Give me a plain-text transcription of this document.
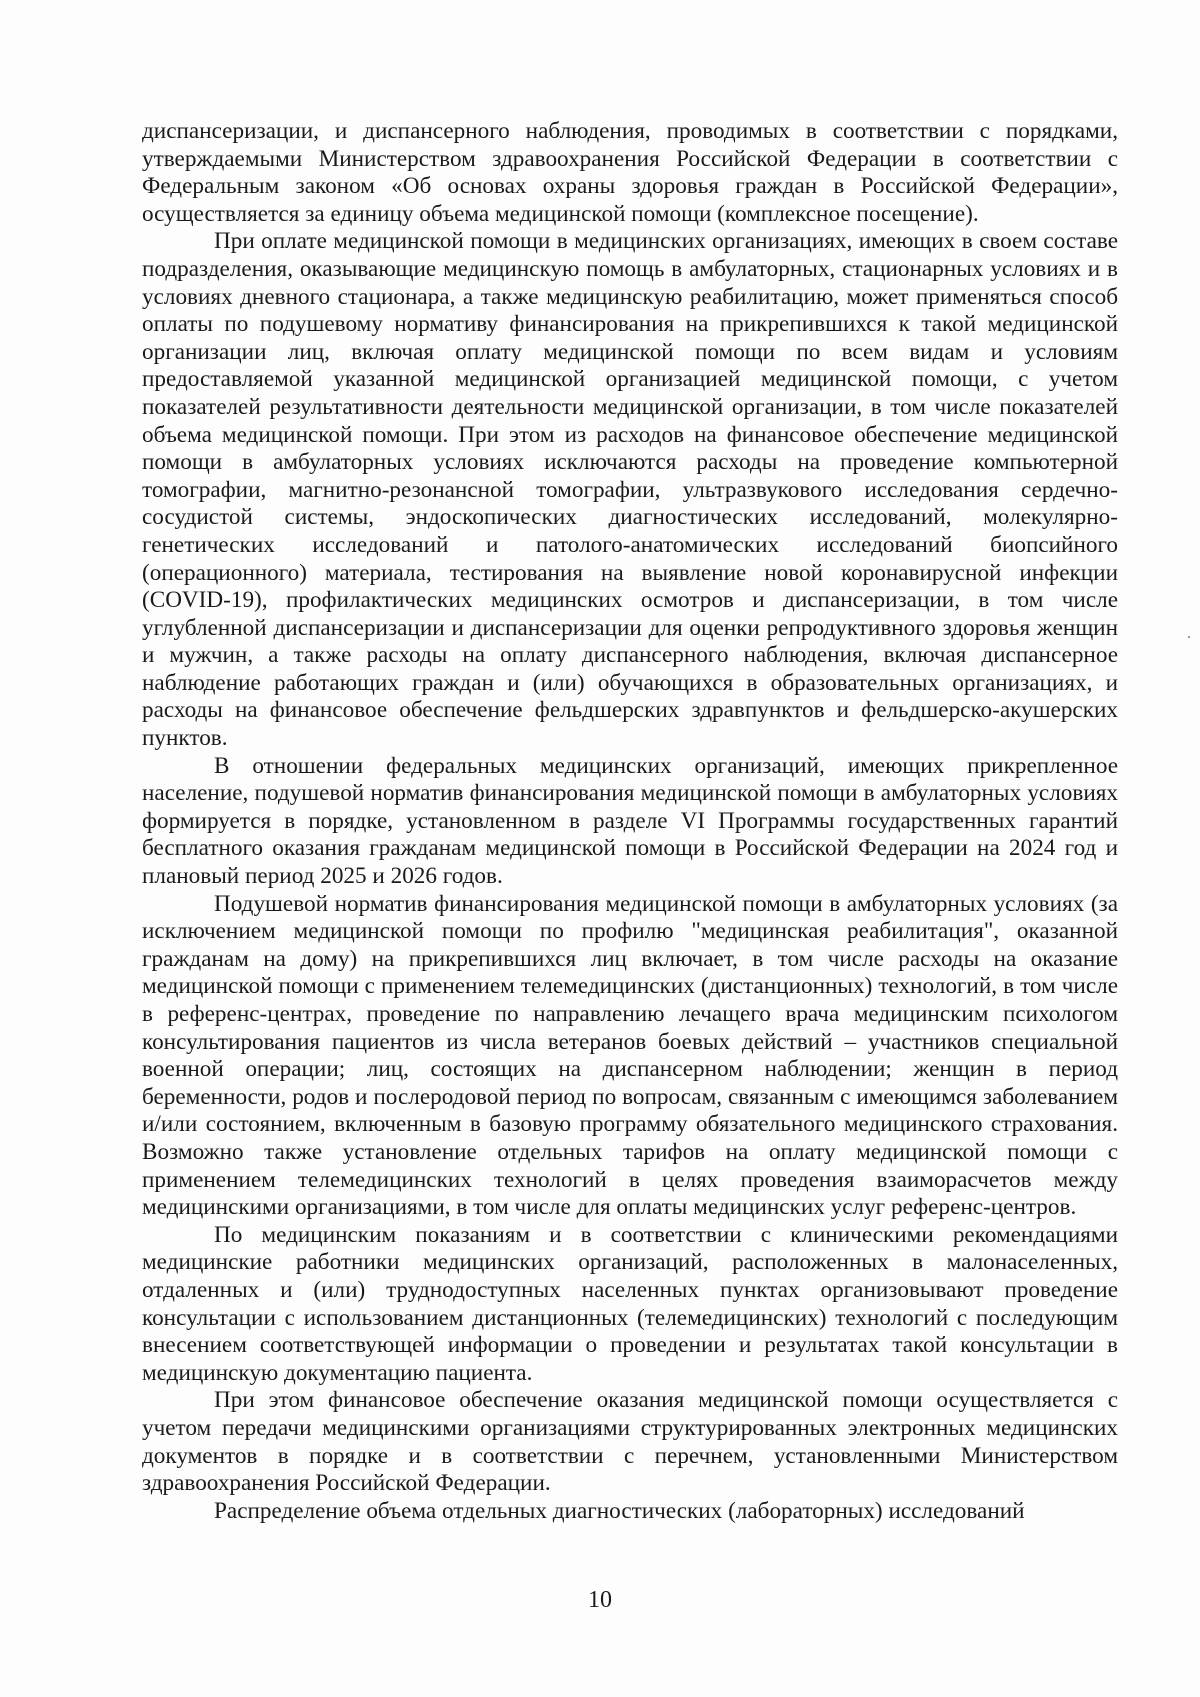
диспансеризации, и диспансерного наблюдения, проводимых в соответствии с порядками, утверждаемыми Министерством здравоохранения Российской Федерации в соответствии с Федеральным законом «Об основах охраны здоровья граждан в Российской Федерации», осуществляется за единицу объема медицинской помощи (комплексное посещение).

При оплате медицинской помощи в медицинских организациях, имеющих в своем составе подразделения, оказывающие медицинскую помощь в амбулаторных, стационарных условиях и в условиях дневного стационара, а также медицинскую реабилитацию, может применяться способ оплаты по подушевому нормативу финансирования на прикрепившихся к такой медицинской организации лиц, включая оплату медицинской помощи по всем видам и условиям предоставляемой указанной медицинской организацией медицинской помощи, с учетом показателей результативности деятельности медицинской организации, в том числе показателей объема медицинской помощи. При этом из расходов на финансовое обеспечение медицинской помощи в амбулаторных условиях исключаются расходы на проведение компьютерной томографии, магнитно-резонансной томографии, ультразвукового исследования сердечно-сосудистой системы, эндоскопических диагностических исследований, молекулярно-генетических исследований и патолого-анатомических исследований биопсийного (операционного) материала, тестирования на выявление новой коронавирусной инфекции (COVID-19), профилактических медицинских осмотров и диспансеризации, в том числе углубленной диспансеризации и диспансеризации для оценки репродуктивного здоровья женщин и мужчин, а также расходы на оплату диспансерного наблюдения, включая диспансерное наблюдение работающих граждан и (или) обучающихся в образовательных организациях, и расходы на финансовое обеспечение фельдшерских здравпунктов и фельдшерско-акушерских пунктов.

В отношении федеральных медицинских организаций, имеющих прикрепленное население, подушевой норматив финансирования медицинской помощи в амбулаторных условиях формируется в порядке, установленном в разделе VI Программы государственных гарантий бесплатного оказания гражданам медицинской помощи в Российской Федерации на 2024 год и плановый период 2025 и 2026 годов.

Подушевой норматив финансирования медицинской помощи в амбулаторных условиях (за исключением медицинской помощи по профилю "медицинская реабилитация", оказанной гражданам на дому) на прикрепившихся лиц включает, в том числе расходы на оказание медицинской помощи с применением телемедицинских (дистанционных) технологий, в том числе в референс-центрах, проведение по направлению лечащего врача медицинским психологом консультирования пациентов из числа ветеранов боевых действий – участников специальной военной операции; лиц, состоящих на диспансерном наблюдении; женщин в период беременности, родов и послеродовой период по вопросам, связанным с имеющимся заболеванием и/или состоянием, включенным в базовую программу обязательного медицинского страхования. Возможно также установление отдельных тарифов на оплату медицинской помощи с применением телемедицинских технологий в целях проведения взаиморасчетов между медицинскими организациями, в том числе для оплаты медицинских услуг референс-центров.

По медицинским показаниям и в соответствии с клиническими рекомендациями медицинские работники медицинских организаций, расположенных в малонаселенных, отдаленных и (или) труднодоступных населенных пунктах организовывают проведение консультации с использованием дистанционных (телемедицинских) технологий с последующим внесением соответствующей информации о проведении и результатах такой консультации в медицинскую документацию пациента.

При этом финансовое обеспечение оказания медицинской помощи осуществляется с учетом передачи медицинскими организациями структурированных электронных медицинских документов в порядке и в соответствии с перечнем, установленными Министерством здравоохранения Российской Федерации.

Распределение объема отдельных диагностических (лабораторных) исследований

10
